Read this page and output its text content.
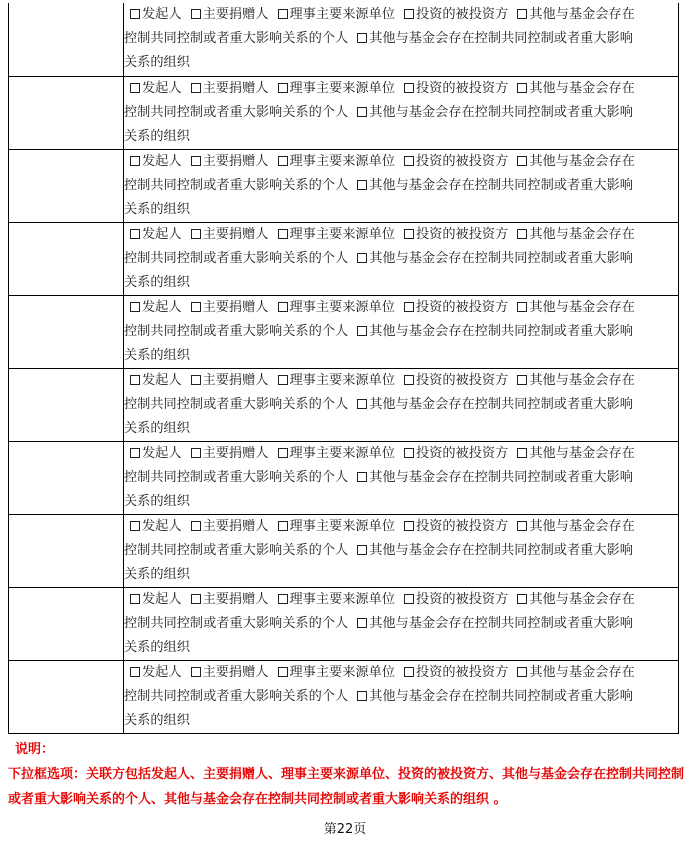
发起人 主要捐赠人 理事主要来源单位 投资的被投资方 其他与基金会存在
控制共同控制或者重大影响关系的个人 其他与基金会存在控制共同控制或者重大影响
关系的组织
发起人 主要捐赠人 理事主要来源单位 投资的被投资方 其他与基金会存在
控制共同控制或者重大影响关系的个人 其他与基金会存在控制共同控制或者重大影响
关系的组织
发起人 主要捐赠人 理事主要来源单位 投资的被投资方 其他与基金会存在
控制共同控制或者重大影响关系的个人 其他与基金会存在控制共同控制或者重大影响
关系的组织
发起人 主要捐赠人 理事主要来源单位 投资的被投资方 其他与基金会存在
控制共同控制或者重大影响关系的个人 其他与基金会存在控制共同控制或者重大影响
关系的组织
发起人 主要捐赠人 理事主要来源单位 投资的被投资方 其他与基金会存在
控制共同控制或者重大影响关系的个人 其他与基金会存在控制共同控制或者重大影响
关系的组织
发起人 主要捐赠人 理事主要来源单位 投资的被投资方 其他与基金会存在
控制共同控制或者重大影响关系的个人 其他与基金会存在控制共同控制或者重大影响
关系的组织
发起人 主要捐赠人 理事主要来源单位 投资的被投资方 其他与基金会存在
控制共同控制或者重大影响关系的个人 其他与基金会存在控制共同控制或者重大影响
关系的组织
发起人 主要捐赠人 理事主要来源单位 投资的被投资方 其他与基金会存在
控制共同控制或者重大影响关系的个人 其他与基金会存在控制共同控制或者重大影响
关系的组织
发起人 主要捐赠人 理事主要来源单位 投资的被投资方 其他与基金会存在
控制共同控制或者重大影响关系的个人 其他与基金会存在控制共同控制或者重大影响
关系的组织
发起人 主要捐赠人 理事主要来源单位 投资的被投资方 其他与基金会存在
控制共同控制或者重大影响关系的个人 其他与基金会存在控制共同控制或者重大影响
关系的组织
说明：
下拉框选项：关联方包括发起人、主要捐赠人、理事主要来源单位、投资的被投资方、其他与基金会存在控制共同控制或者重大影响关系的个人、其他与基金会存在控制共同控制或者重大影响关系的组织 。
第22页
